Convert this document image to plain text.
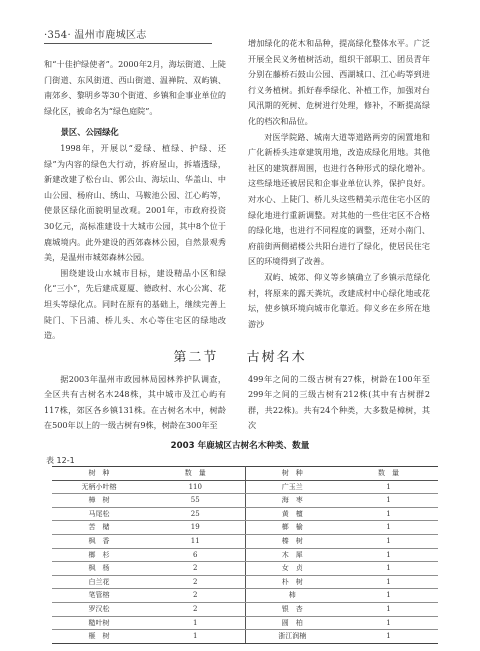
·354· 温州市鹿城区志

和“十佳护绿使者”。2000年2月，海坛街道、上陡门街道、东风街道、西山街道、温禅院、双屿镇、南郊乡、黎明乡等30个街道、乡镇和企事业单位的绿化区，被命名为“绿色庭院”。

景区、公园绿化

1998年，开展以“爱绿、植绿、护绿、还绿”为内容的绿色大行动，拆府屋山，拆墙透绿，新建改建了松台山、郭公山、海坛山、华盖山、中山公园、杨府山、绣山、马鞍池公园、江心屿等，使景区绿化面貌明显改观。2001年，市政府投资30亿元，高标准建设十大城市公园，其中8个位于鹿城境内。此外建设的西郊森林公园，自然景观秀美，是温州市城郊森林公园。

围绕建设山水城市目标，建设精品小区和绿化“三小”，先后建成夏厦、德政村、水心公寓、花坦头等绿化点。同时在原有的基础上，继续完善上陡门、下吕浦、桥儿头、水心等住宅区的绿地改造。

增加绿化的花木和品种，提高绿化整体水平。广泛开展全民义务植树活动，组织干部职工、团员青年分别在藤桥石鼓山公园、西湖城口、江心屿等到进行义务植树。抓好春季绿化、补植工作，加强对台风汛期的死树、危树进行处理，修补，不断提高绿化的档次和品位。

对医学院路、城南大道等道路两旁的闲置地和广化新桥头违章建筑用地，改造成绿化用地。其他社区的建筑群周围，也进行各种形式的绿化增补。这些绿地还被居民和企事业单位认养，保护良好。对水心、上陡门、桥儿头这些精美示范住宅小区的绿化地进行重新调整。对其他的一些住宅区不合格的绿化地，也进行不同程度的调整，还对小南门、府前街两侧裙楼公共阳台进行了绿化，使居民住宅区的环境得到了改善。

双屿、城郊、仰义等乡镇确立了乡镇示范绿化村，将原来的露天粪坑，改建成村中心绿化地或花坛，使乡镇环境向城市化靠近。仰义乡在乡所在地游沙

第二节 古树名木

据2003年温州市政园林局园林养护队调查，全区共有古树名木248株，其中城市及江心屿有117株，郊区各乡镇131株。在古树名木中，树龄在500年以上的一级古树有9株，树龄在300年至

499年之间的二级古树有27株，树龄在100年至299年之间的三级古树有212株(其中有古树群2群，共22株)。共有24个种类，大多数是樟树，其次

2003 年鹿城区古树名木种类、数量
表 12-1
树　种	数　量	树　种	数　量
无柄小叶榕	110	广玉兰	1
樟　树	55	海　枣	1
马尾松	25	黄　檀	1
苦　槠	19	榔　榆	1
枫　香	11	榛　树	1
榔　杉	6	木　犀	1
枫　杨	2	女　贞	1
白兰花	2	朴　树	1
笔管榕	2	柿	1
罗汉松	2	银　杏	1
糙叶树	1	圆　柏	1
榧　树	1	浙江润楠	1
